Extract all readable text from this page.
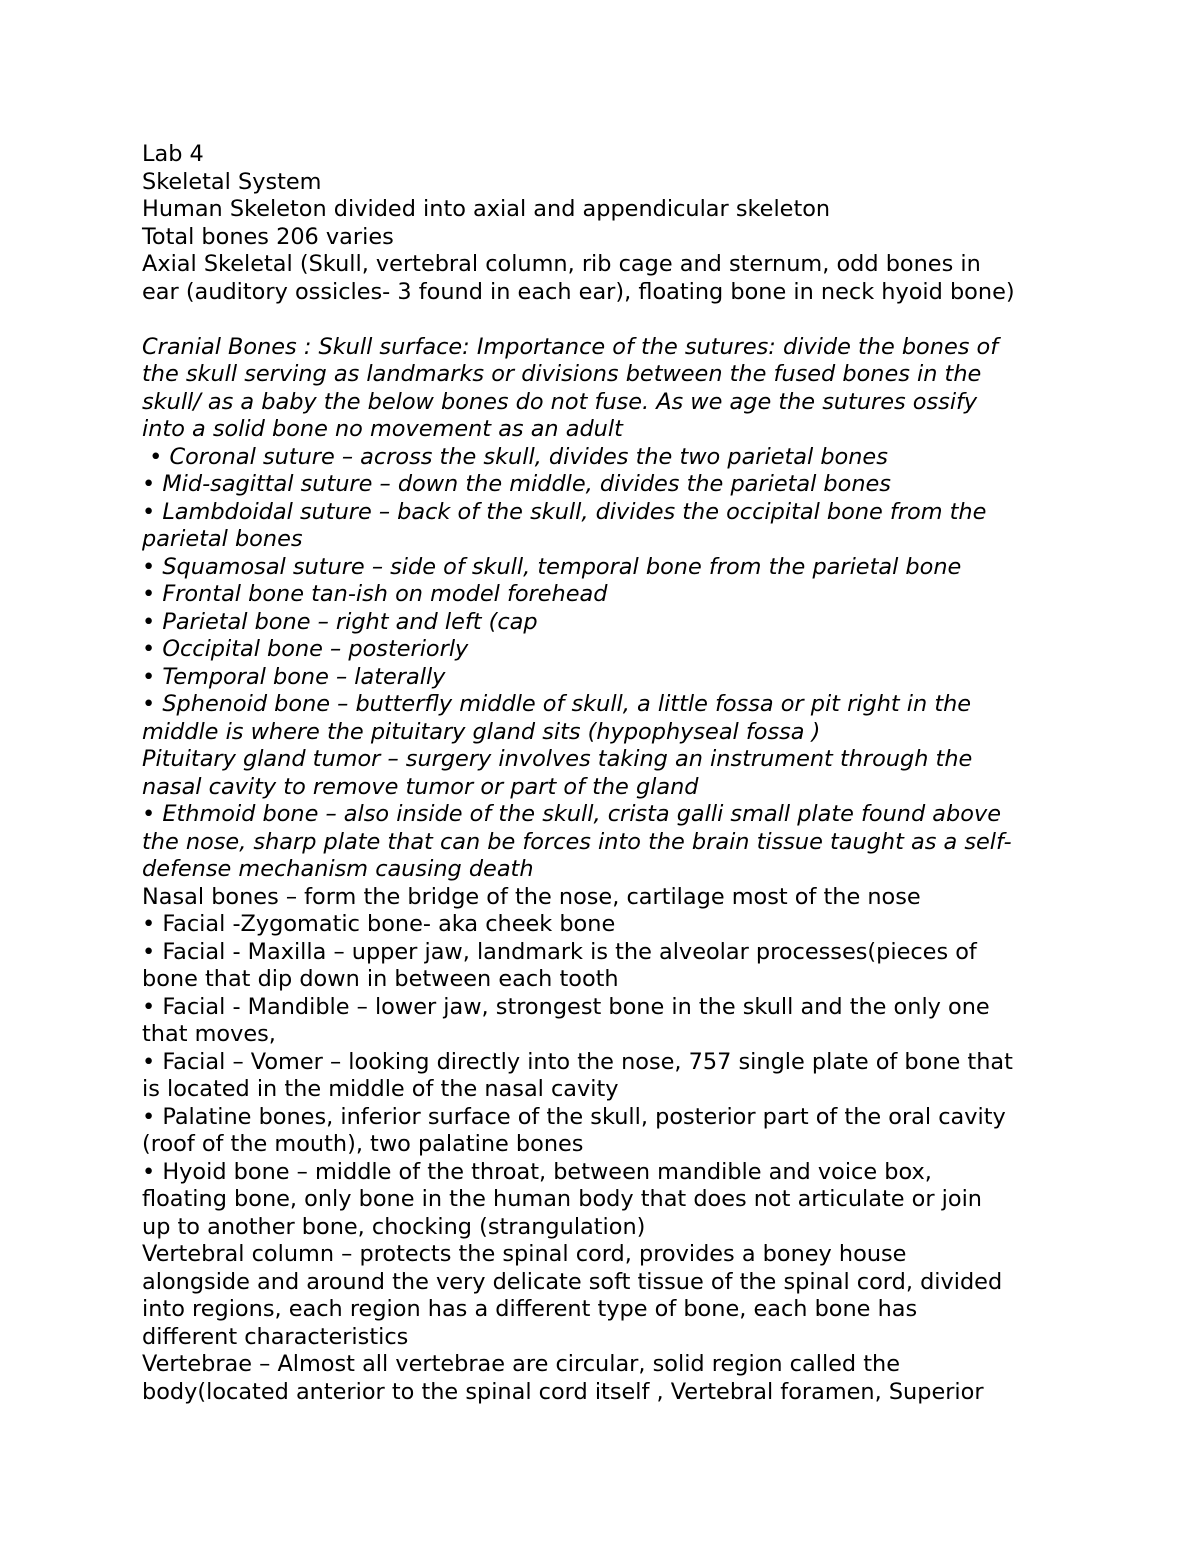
Lab 4
Skeletal System
Human Skeleton divided into axial and appendicular skeleton
Total bones 206 varies
Axial Skeletal (Skull, vertebral column, rib cage and sternum, odd bones in
ear (auditory ossicles- 3 found in each ear), floating bone in neck hyoid bone)
Cranial Bones : Skull surface: Importance of the sutures: divide the bones of
the skull serving as landmarks or divisions between the fused bones in the
skull/ as a baby the below bones do not fuse. As we age the sutures ossify
into a solid bone no movement as an adult
• Coronal suture – across the skull, divides the two parietal bones
• Mid-sagittal suture – down the middle, divides the parietal bones
• Lambdoidal suture – back of the skull, divides the occipital bone from the
parietal bones
• Squamosal suture – side of skull, temporal bone from the parietal bone
• Frontal bone tan-ish on model forehead
• Parietal bone – right and left (cap
• Occipital bone – posteriorly
• Temporal bone – laterally
• Sphenoid bone – butterfly middle of skull, a little fossa or pit right in the
middle is where the pituitary gland sits (hypophyseal fossa )
Pituitary gland tumor – surgery involves taking an instrument through the
nasal cavity to remove tumor or part of the gland
• Ethmoid bone – also inside of the skull, crista galli small plate found above
the nose, sharp plate that can be forces into the brain tissue taught as a self-
defense mechanism causing death
Nasal bones – form the bridge of the nose, cartilage most of the nose
• Facial -Zygomatic bone- aka cheek bone
• Facial - Maxilla – upper jaw, landmark is the alveolar processes(pieces of
bone that dip down in between each tooth
• Facial - Mandible – lower jaw, strongest bone in the skull and the only one
that moves,
• Facial – Vomer – looking directly into the nose, 757 single plate of bone that
is located in the middle of the nasal cavity
• Palatine bones, inferior surface of the skull, posterior part of the oral cavity
(roof of the mouth), two palatine bones
• Hyoid bone – middle of the throat, between mandible and voice box,
floating bone, only bone in the human body that does not articulate or join
up to another bone, chocking (strangulation)
Vertebral column – protects the spinal cord, provides a boney house
alongside and around the very delicate soft tissue of the spinal cord, divided
into regions, each region has a different type of bone, each bone has
different characteristics
Vertebrae – Almost all vertebrae are circular, solid region called the
body(located anterior to the spinal cord itself , Vertebral foramen, Superior
